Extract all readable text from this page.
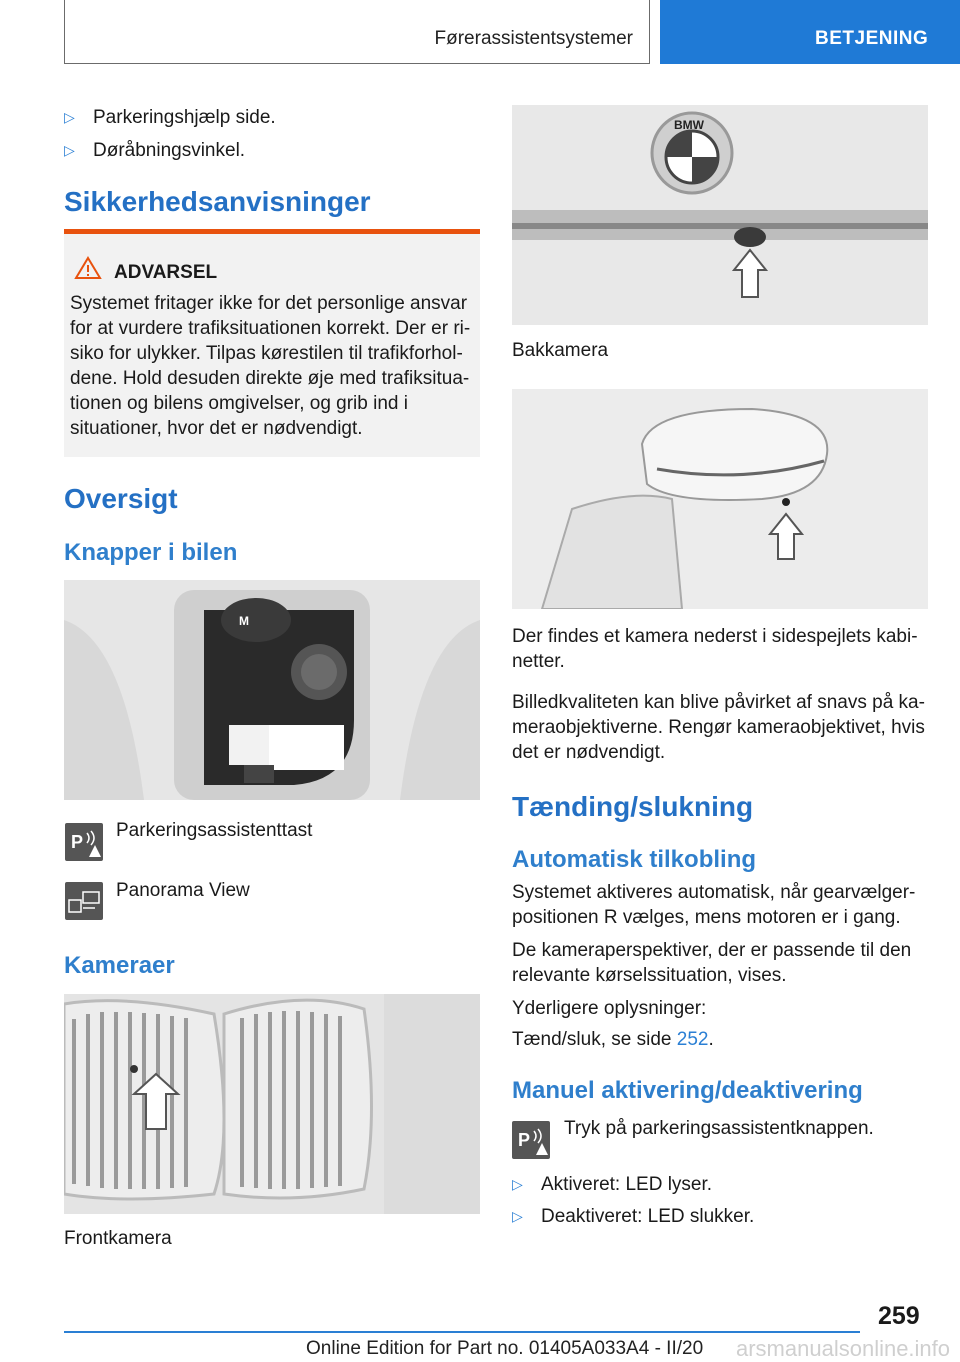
Førerassistentsystemer	BETJENING
▷ Parkeringshjælp side.
▷ Døråbningsvinkel.
Sikkerhedsanvisninger
ADVARSEL
Systemet fritager ikke for det personlige ansvar
for at vurdere trafiksituationen korrekt. Der er ri-
siko for ulykker. Tilpas kørestilen til trafikforhol-
dene. Hold desuden direkte øje med trafiksitua-
tionen og bilens omgivelser, og grib ind i
situationer, hvor det er nødvendigt.
Oversigt
Knapper i bilen
M
P
Parkeringsassistenttast
Panorama View
Kameraer
Frontkamera
BMW
Bakkamera
Der findes et kamera nederst i sidespejlets kabi-
netter.
Billedkvaliteten kan blive påvirket af snavs på ka-
meraobjektiverne. Rengør kameraobjektivet, hvis
det er nødvendigt.
Tænding/slukning
Automatisk tilkobling
Systemet aktiveres automatisk, når gearvælger-
positionen R vælges, mens motoren er i gang.
De kameraperspektiver, der er passende til den
relevante kørselssituation, vises.
Yderligere oplysninger:
Tænd/sluk, se side 252.
Manuel aktivering/deaktivering
P
Tryk på parkeringsassistentknappen.
▷ Aktiveret: LED lyser.
▷ Deaktiveret: LED slukker.
259
Online Edition for Part no. 01405A033A4 - II/20 arsmanualsonline.info
